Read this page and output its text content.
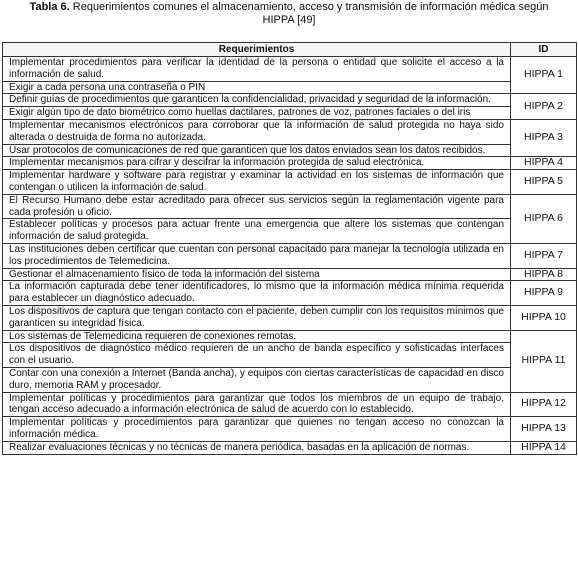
Tabla 6. Requerimientos comunes el almacenamiento, acceso y transmisión de información médica según HIPPA [49]
Requerimientos	ID
Implementar procedimientos para verificar la identidad de la persona o entidad que solicite el acceso a la información de salud.	HIPPA 1
Exigir a cada persona una contraseña o PIN	
Definir guías de procedimientos que garanticen la confidencialidad, privacidad y seguridad de la información.	HIPPA 2
Exigir algún tipo de dato biométrico como huellas dactilares, patrones de voz, patrones faciales o del iris	
Implementar mecanismos electrónicos para corroborar que la información de salud protegida no haya sido alterada o destruida de forma no autorizada.	HIPPA 3
Usar protocolos de comunicaciones de red que garanticen que los datos enviados sean los datos recibidos.	
Implementar mecanismos para cifrar y descifrar la información protegida de salud electrónica.	HIPPA 4
Implementar hardware y software para registrar y examinar la actividad en los sistemas de información que contengan o utilicen la información de salud.	HIPPA 5
El Recurso Humano debe estar acreditado para ofrecer sus servicios según la reglamentación vigente para cada profesión u oficio.	HIPPA 6
Establecer políticas y procesos para actuar frente una emergencia que altere los sistemas que contengan información de salud protegida.	
Las instituciones deben certificar que cuentan con personal capacitado para manejar la tecnología utilizada en los procedimientos de Telemedicina.	HIPPA 7
Gestionar el almacenamiento físico de toda la información del sistema	HIPPA 8
La información capturada debe tener identificadores, lo mismo que la información médica mínima requerida para establecer un diagnóstico adecuado.	HIPPA 9
Los dispositivos de captura que tengan contacto con el paciente, deben cumplir con los requisitos mínimos que garanticen su integridad física.	HIPPA 10
Los sistemas de Telemedicina requieren de conexiones remotas.	HIPPA 11
Los dispositivos de diagnóstico médico requieren de un ancho de banda específico y sofisticadas interfaces con el usuario.	
Contar con una conexión a Internet (Banda ancha), y equipos con ciertas características de capacidad en disco duro, memoria RAM y procesador.	
Implementar políticas y procedimientos para garantizar que todos los miembros de un equipo de trabajo, tengan acceso adecuado a información electrónica de salud de acuerdo con lo establecido.	HIPPA 12
Implementar políticas y procedimientos para garantizar que quienes no tengan acceso no conozcan la información médica.	HIPPA 13
Realizar evaluaciones técnicas y no técnicas de manera periódica, basadas en la aplicación de normas.	HIPPA 14
